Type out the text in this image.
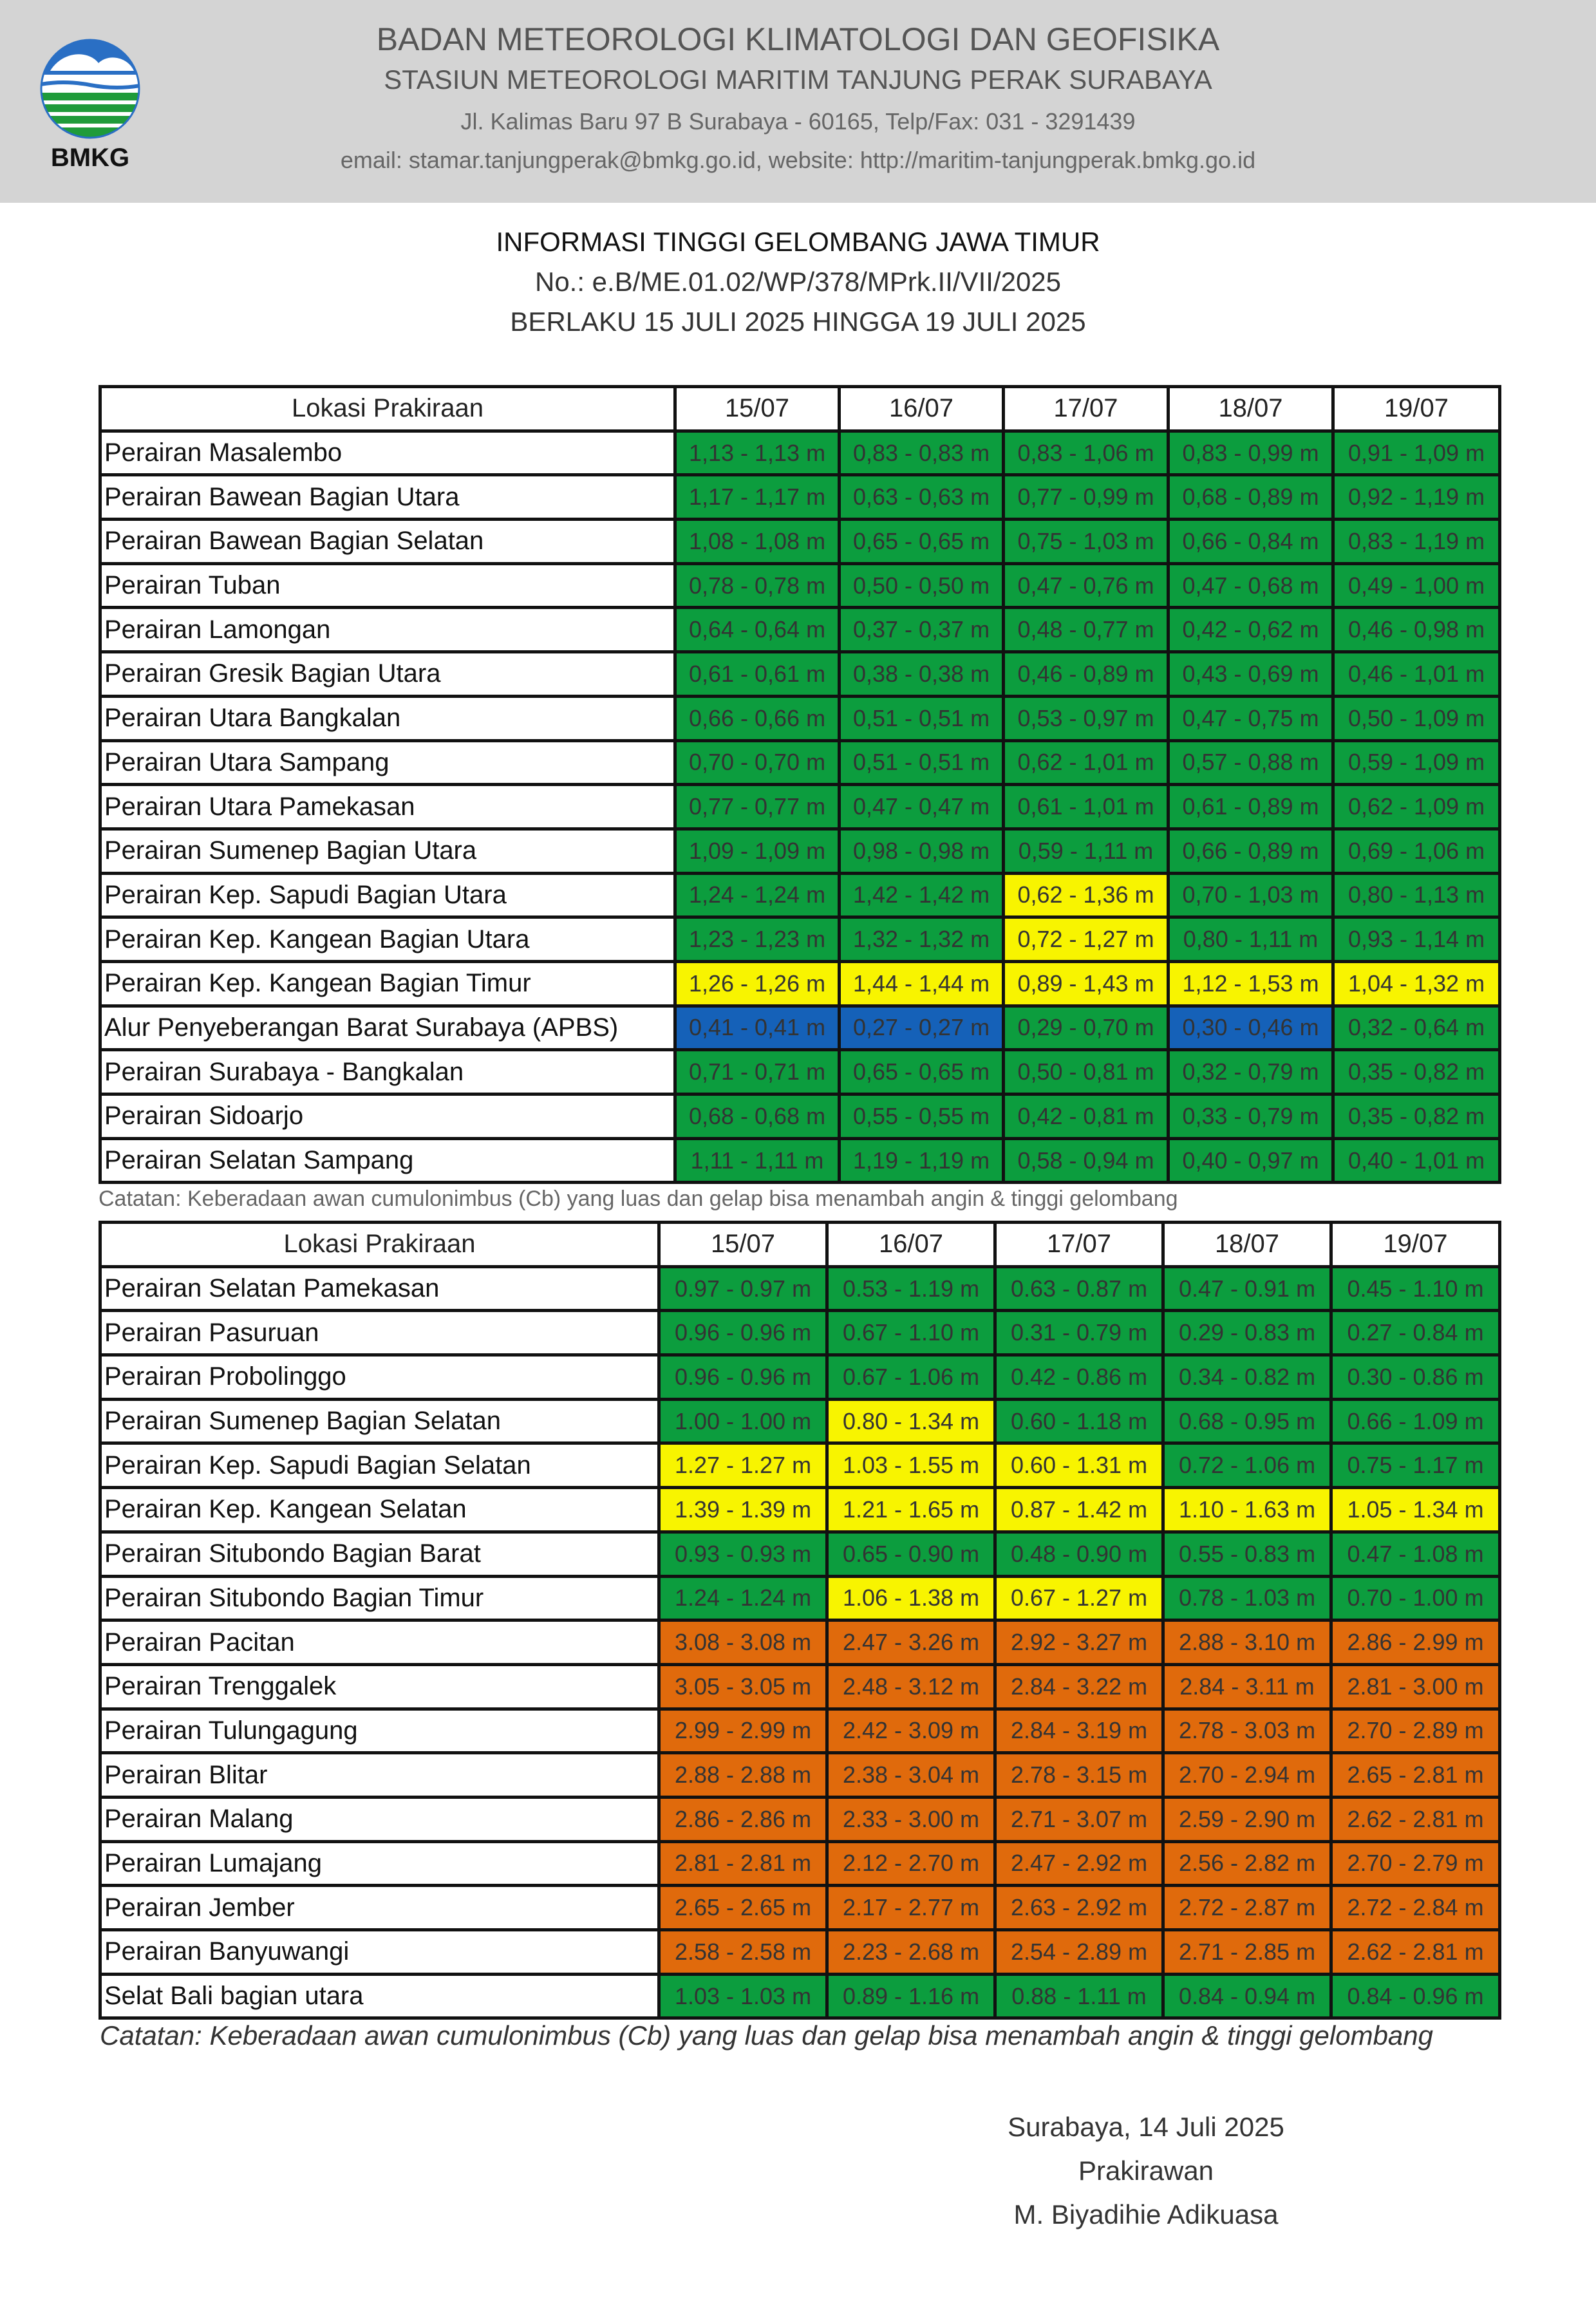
BMKG
BADAN METEOROLOGI KLIMATOLOGI DAN GEOFISIKA
STASIUN METEOROLOGI MARITIM TANJUNG PERAK SURABAYA
Jl. Kalimas Baru 97 B Surabaya - 60165, Telp/Fax: 031 - 3291439
email: stamar.tanjungperak@bmkg.go.id, website: http://maritim-tanjungperak.bmkg.go.id
INFORMASI TINGGI GELOMBANG JAWA TIMUR
No.: e.B/ME.01.02/WP/378/MPrk.II/VII/2025
BERLAKU 15 JULI 2025 HINGGA 19 JULI 2025
Lokasi Prakiraan	15/07	16/07	17/07	18/07	19/07
Perairan Masalembo	1,13 - 1,13 m	0,83 - 0,83 m	0,83 - 1,06 m	0,83 - 0,99 m	0,91 - 1,09 m
Perairan Bawean Bagian Utara	1,17 - 1,17 m	0,63 - 0,63 m	0,77 - 0,99 m	0,68 - 0,89 m	0,92 - 1,19 m
Perairan Bawean Bagian Selatan	1,08 - 1,08 m	0,65 - 0,65 m	0,75 - 1,03 m	0,66 - 0,84 m	0,83 - 1,19 m
Perairan Tuban	0,78 - 0,78 m	0,50 - 0,50 m	0,47 - 0,76 m	0,47 - 0,68 m	0,49 - 1,00 m
Perairan Lamongan	0,64 - 0,64 m	0,37 - 0,37 m	0,48 - 0,77 m	0,42 - 0,62 m	0,46 - 0,98 m
Perairan Gresik Bagian Utara	0,61 - 0,61 m	0,38 - 0,38 m	0,46 - 0,89 m	0,43 - 0,69 m	0,46 - 1,01 m
Perairan Utara Bangkalan	0,66 - 0,66 m	0,51 - 0,51 m	0,53 - 0,97 m	0,47 - 0,75 m	0,50 - 1,09 m
Perairan Utara Sampang	0,70 - 0,70 m	0,51 - 0,51 m	0,62 - 1,01 m	0,57 - 0,88 m	0,59 - 1,09 m
Perairan Utara Pamekasan	0,77 - 0,77 m	0,47 - 0,47 m	0,61 - 1,01 m	0,61 - 0,89 m	0,62 - 1,09 m
Perairan Sumenep Bagian Utara	1,09 - 1,09 m	0,98 - 0,98 m	0,59 - 1,11 m	0,66 - 0,89 m	0,69 - 1,06 m
Perairan Kep. Sapudi Bagian Utara	1,24 - 1,24 m	1,42 - 1,42 m	0,62 - 1,36 m	0,70 - 1,03 m	0,80 - 1,13 m
Perairan Kep. Kangean Bagian Utara	1,23 - 1,23 m	1,32 - 1,32 m	0,72 - 1,27 m	0,80 - 1,11 m	0,93 - 1,14 m
Perairan Kep. Kangean Bagian Timur	1,26 - 1,26 m	1,44 - 1,44 m	0,89 - 1,43 m	1,12 - 1,53 m	1,04 - 1,32 m
Alur Penyeberangan Barat Surabaya (APBS)	0,41 - 0,41 m	0,27 - 0,27 m	0,29 - 0,70 m	0,30 - 0,46 m	0,32 - 0,64 m
Perairan Surabaya - Bangkalan	0,71 - 0,71 m	0,65 - 0,65 m	0,50 - 0,81 m	0,32 - 0,79 m	0,35 - 0,82 m
Perairan Sidoarjo	0,68 - 0,68 m	0,55 - 0,55 m	0,42 - 0,81 m	0,33 - 0,79 m	0,35 - 0,82 m
Perairan Selatan Sampang	1,11 - 1,11 m	1,19 - 1,19 m	0,58 - 0,94 m	0,40 - 0,97 m	0,40 - 1,01 m
Catatan: Keberadaan awan cumulonimbus (Cb) yang luas dan gelap bisa menambah angin & tinggi gelombang
Lokasi Prakiraan	15/07	16/07	17/07	18/07	19/07
Perairan Selatan Pamekasan	0.97 - 0.97 m	0.53 - 1.19 m	0.63 - 0.87 m	0.47 - 0.91 m	0.45 - 1.10 m
Perairan Pasuruan	0.96 - 0.96 m	0.67 - 1.10 m	0.31 - 0.79 m	0.29 - 0.83 m	0.27 - 0.84 m
Perairan Probolinggo	0.96 - 0.96 m	0.67 - 1.06 m	0.42 - 0.86 m	0.34 - 0.82 m	0.30 - 0.86 m
Perairan Sumenep Bagian Selatan	1.00 - 1.00 m	0.80 - 1.34 m	0.60 - 1.18 m	0.68 - 0.95 m	0.66 - 1.09 m
Perairan Kep. Sapudi Bagian Selatan	1.27 - 1.27 m	1.03 - 1.55 m	0.60 - 1.31 m	0.72 - 1.06 m	0.75 - 1.17 m
Perairan Kep. Kangean Selatan	1.39 - 1.39 m	1.21 - 1.65 m	0.87 - 1.42 m	1.10 - 1.63 m	1.05 - 1.34 m
Perairan Situbondo Bagian Barat	0.93 - 0.93 m	0.65 - 0.90 m	0.48 - 0.90 m	0.55 - 0.83 m	0.47 - 1.08 m
Perairan Situbondo Bagian Timur	1.24 - 1.24 m	1.06 - 1.38 m	0.67 - 1.27 m	0.78 - 1.03 m	0.70 - 1.00 m
Perairan Pacitan	3.08 - 3.08 m	2.47 - 3.26 m	2.92 - 3.27 m	2.88 - 3.10 m	2.86 - 2.99 m
Perairan Trenggalek	3.05 - 3.05 m	2.48 - 3.12 m	2.84 - 3.22 m	2.84 - 3.11 m	2.81 - 3.00 m
Perairan Tulungagung	2.99 - 2.99 m	2.42 - 3.09 m	2.84 - 3.19 m	2.78 - 3.03 m	2.70 - 2.89 m
Perairan Blitar	2.88 - 2.88 m	2.38 - 3.04 m	2.78 - 3.15 m	2.70 - 2.94 m	2.65 - 2.81 m
Perairan Malang	2.86 - 2.86 m	2.33 - 3.00 m	2.71 - 3.07 m	2.59 - 2.90 m	2.62 - 2.81 m
Perairan Lumajang	2.81 - 2.81 m	2.12 - 2.70 m	2.47 - 2.92 m	2.56 - 2.82 m	2.70 - 2.79 m
Perairan Jember	2.65 - 2.65 m	2.17 - 2.77 m	2.63 - 2.92 m	2.72 - 2.87 m	2.72 - 2.84 m
Perairan Banyuwangi	2.58 - 2.58 m	2.23 - 2.68 m	2.54 - 2.89 m	2.71 - 2.85 m	2.62 - 2.81 m
Selat Bali bagian utara	1.03 - 1.03 m	0.89 - 1.16 m	0.88 - 1.11 m	0.84 - 0.94 m	0.84 - 0.96 m
Catatan: Keberadaan awan cumulonimbus (Cb) yang luas dan gelap bisa menambah angin & tinggi gelombang
Surabaya, 14 Juli 2025
Prakirawan
M. Biyadihie Adikuasa
